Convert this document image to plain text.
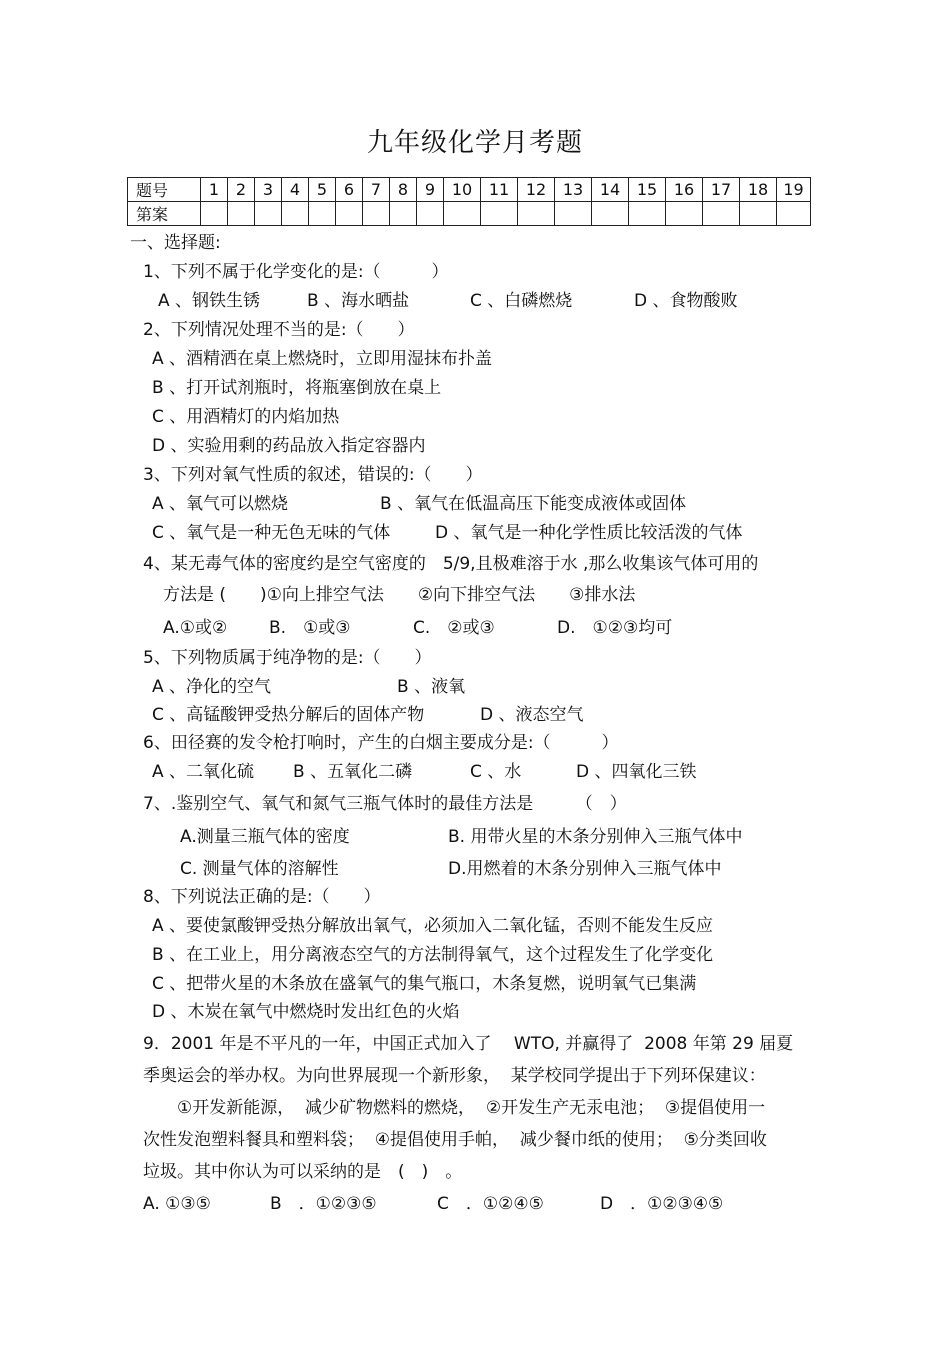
九年级化学月考题
题号	1	2	3	4	5	6	7	8	9	10	11	12	13	14	15	16	17	18	19
第案																			
一、选择题:
1、下列不属于化学变化的是:（　　　）
A 、钢铁生锈	B 、海水晒盐	C 、白磷燃烧	D 、食物酸败
2、下列情况处理不当的是:（　　）
A 、酒精洒在桌上燃烧时，立即用湿抹布扑盖
B 、打开试剂瓶时，将瓶塞倒放在桌上
C 、用酒精灯的内焰加热
D 、实验用剩的药品放入指定容器内
3、下列对氧气性质的叙述，错误的:（　　）
A 、氧气可以燃烧	B 、氧气在低温高压下能变成液体或固体
C 、氧气是一种无色无味的气体	D 、氧气是一种化学性质比较活泼的气体
4、某无毒气体的密度约是空气密度的　5/9,且极难溶于水 ,那么收集该气体可用的
方法是 (　　)①向上排空气法　　②向下排空气法　　③排水法
A.①或② B.　①或③	C.　②或③	D.　①②③均可
5、下列物质属于纯净物的是:（　　）
A 、净化的空气	B 、液氧
C 、高锰酸钾受热分解后的固体产物	D 、液态空气
6、田径赛的发令枪打响时，产生的白烟主要成分是:（　　　）
A 、二氧化硫 B 、五氧化二磷	C 、水	D 、四氧化三铁
7、.鉴别空气、氧气和氮气三瓶气体时的最佳方法是　　　（　）
A.测量三瓶气体的密度	B. 用带火星的木条分别伸入三瓶气体中
C. 测量气体的溶解性	D.用燃着的木条分别伸入三瓶气体中
8、下列说法正确的是:（　　）
A 、要使氯酸钾受热分解放出氧气，必须加入二氧化锰，否则不能发生反应
B 、在工业上，用分离液态空气的方法制得氧气，这个过程发生了化学变化
C 、把带火星的木条放在盛氧气的集气瓶口，木条复燃，说明氧气已集满
D 、木炭在氧气中燃烧时发出红色的火焰
9．2001 年是不平凡的一年，中国正式加入了　 WTO, 并赢得了  2008 年第 29 届夏
季奥运会的举办权。为向世界展现一个新形象，  某学校同学提出于下列环保建议：
　　①开发新能源，  减少矿物燃料的燃烧，  ②开发生产无汞电池；  ③提倡使用一
次性发泡塑料餐具和塑料袋；  ④提倡使用手帕，  减少餐巾纸的使用；  ⑤分类回收
垃圾。其中你认为可以采纳的是　(　)　。
A. ①③⑤	B　．①②③⑤	C　．①②④⑤	D　．①②③④⑤
